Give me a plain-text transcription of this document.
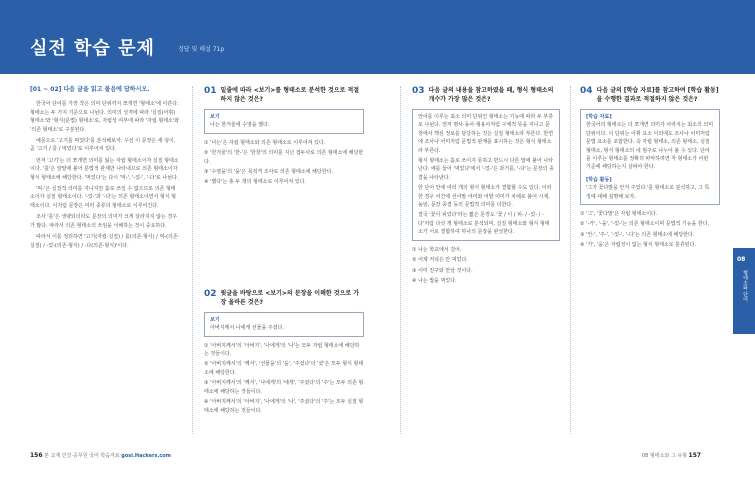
실전 학습 문제	정답 및 해설 71p
[01 ~ 02] 다음 글을 읽고 물음에 답하시오.

한국어 단어를 가장 작은 의미 단위까지 쪼개면 '형태소'에 이른다. 형태소는 두 가지 기준으로 나뉜다. 의미의 성격에 따라 '실질(어휘) 형태소'와 '형식(문법) 형태소'로, 자립성 여부에 따라 '자립 형태소'와 '의존 형태소'로 구분된다.

예문으로 '고기를 먹었다'를 분석해보자. 우선 이 문장은 세 덩이, 곧 '고기 / 를 / 먹었다'로 이루어져 있다.

먼저 '고기'는 더 쪼개면 의미를 잃는 자립 형태소이자 실질 형태소이다. '를'은 앞말에 붙어 문법적 관계만 나타내므로 의존 형태소이자 형식 형태소에 해당한다. '먹었다'는 다시 '먹-', '-었-', '-다'로 나뉜다.

'먹-'은 실질적 의미를 지니지만 홀로 쓰일 수 없으므로 의존 형태소이자 실질 형태소이다. '-었-'과 '-다'는 의존 형태소이면서 형식 형태소이다. 이처럼 문장은 여러 종류의 형태소로 이루어진다.

조사 '를'은 생략되더라도 문장의 의미가 크게 달라지지 않는 경우가 많다. 따라서 의존 형태소의 쓰임을 이해하는 것이 중요하다.

따라서 이를 정리하면 '고기(자립·실질) / 를(의존·형식) / 먹-(의존·실질) / -었-(의존·형식) / -다(의존·형식)'이다.

01 밑줄에 따라 <보기>를 형태소로 분석한 것으로 적절하지 않은 것은?
보기
나는 한겨울에 수영을 했다.

① '나는'은 자립 형태소와 의존 형태소로 이루어져 있다.

② '한겨울'의 '한-'은 '한창'의 의미를 지닌 접두사로 의존 형태소에 해당한다.

③ '수영을'의 '을'은 목적격 조사로 의존 형태소에 해당한다.

④ '했다'는 총 두 개의 형태소로 이루어져 있다.

02 윗글을 바탕으로 <보기>의 문장을 이해한 것으로 가장 올바른 것은?
보기
아버지께서 나에게 선물을 주셨다.

① '아버지께서'의 '아버지', '나에게'의 '나'는 모두 자립 형태소에 해당하는 것들이다.

② '아버지께서'의 '께서', '선물을'의 '을', '주셨다'의 '셨'은 모두 형식 형태소에 해당한다.

③ '아버지께서'의 '께서', '나에게'의 '에게', '주셨다'의 '주'는 모두 의존 형태소에 해당하는 것들이다.

④ '아버지께서'의 '아버지', '나에게'의 '나', '주셨다'의 '주'는 모두 실질 형태소에 해당하는 것들이다.

03 다음 글의 내용을 참고하였을 때, 형식 형태소의 개수가 가장 많은 것은?

언어를 이루는 최소 의미 단위인 형태소는 기능에 따라 두 부류로 나뉜다. 먼저 명사·동사·형용사처럼 구체적 뜻을 지니고 문장에서 핵심 정보를 담당하는 것은 실질 형태소라 부른다. 반면에 조사나 어미처럼 문법적 관계를 표시하는 것은 형식 형태소라 부른다.

형식 형태소는 홀로 쓰이지 못하고 반드시 다른 말에 붙어 나타난다. 예를 들어 '먹었다'에서 '-었-'은 과거를, '-다'는 문장의 종결을 나타낸다.

한 단어 안에 여러 개의 형식 형태소가 결합할 수도 있다. 이러한 경우 어간에 선어말 어미와 어말 어미가 차례로 붙어 시제, 높임, 문장 종결 등의 문법적 의미를 더한다.

결국 '꽃이 피었다'라는 짧은 문장도 '꽃 / 이 / 피- / -었- / -다'처럼 다섯 개 형태소로 분석되며, 실질 형태소와 형식 형태소가 서로 결합하여 하나의 문장을 완성한다.

① 나는 학교에서 걸어.

② 어제 저녁은 안 먹었다.

③ 이미 친구와 만날 것이다.

④ 나는 밥을 먹었다.

04 다음 글의 [학습 자료]를 참고하여 [학습 활동]을 수행한 결과로 적절하지 않은 것은?
[학습 자료]
한국어의 형태소는 더 쪼개면 의미가 사라지는 최소의 의미 단위이다. 이 단위는 어휘 요소 이외에도 조사나 어미처럼 문법 요소를 포함한다. 즉 자립 형태소, 의존 형태소, 실질 형태소, 형식 형태소의 네 범주로 나누어 볼 수 있다. 단어를 이루는 형태소를 정확히 파악하려면 각 형태소가 어떤 기준에 해당하는지 살펴야 한다.
[학습 활동]
'그가 꽃다발을 안겨 주었다.'를 형태소로 분석하고, 그 특징에 대해 설명해 보자.

① '그', '꽃다발'은 자립 형태소이다.

② '-가', '-을', '-었-'는 의존 형태소이며 문법적 기능을 한다.

③ '안-', '주-', '-었-', '-다'는 의존 형태소에 해당한다.

④ '가', '을'은 자립성이 없는 형식 형태소로 분류된다.

08
형태소와 단어
156 본 교재 인강·공무원 국어 학습자료 gosi.Hackers.com	08 형태소와 그 유형 157
